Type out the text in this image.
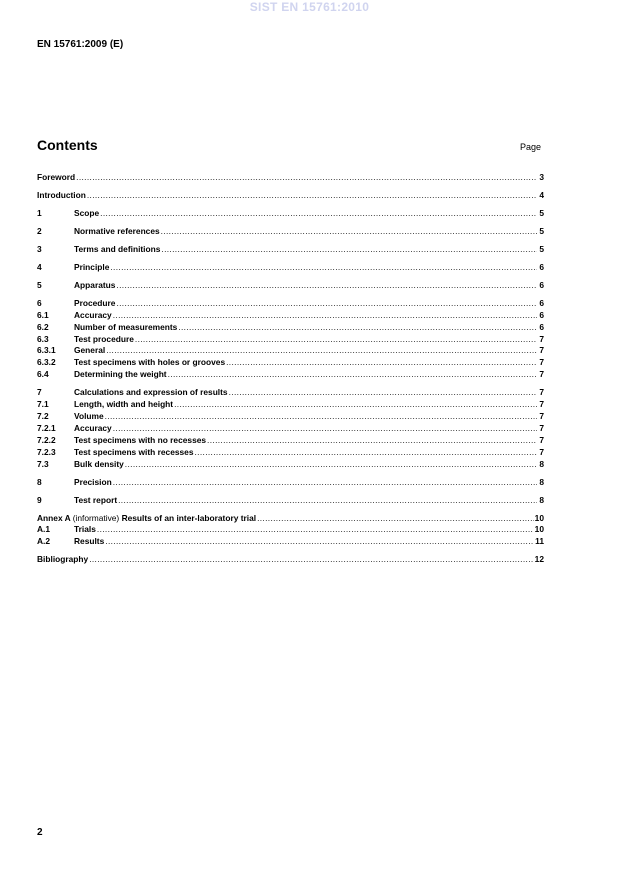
SIST EN 15761:2010
EN 15761:2009 (E)
Contents	Page
Foreword .....	3
Introduction .....	4
1	Scope .....	5
2	Normative references .....	5
3	Terms and definitions .....	5
4	Principle .....	6
5	Apparatus .....	6
6	Procedure .....	6
6.1	Accuracy .....	6
6.2	Number of measurements .....	6
6.3	Test procedure .....	7
6.3.1	General .....	7
6.3.2	Test specimens with holes or grooves .....	7
6.4	Determining the weight .....	7
7	Calculations and expression of results .....	7
7.1	Length, width and height .....	7
7.2	Volume .....	7
7.2.1	Accuracy .....	7
7.2.2	Test specimens with no recesses .....	7
7.2.3	Test specimens with recesses .....	7
7.3	Bulk density .....	8
8	Precision .....	8
9	Test report .....	8
Annex A (informative) Results of an inter-laboratory trial .....	10
A.1	Trials .....	10
A.2	Results .....	11
Bibliography .....	12
2
